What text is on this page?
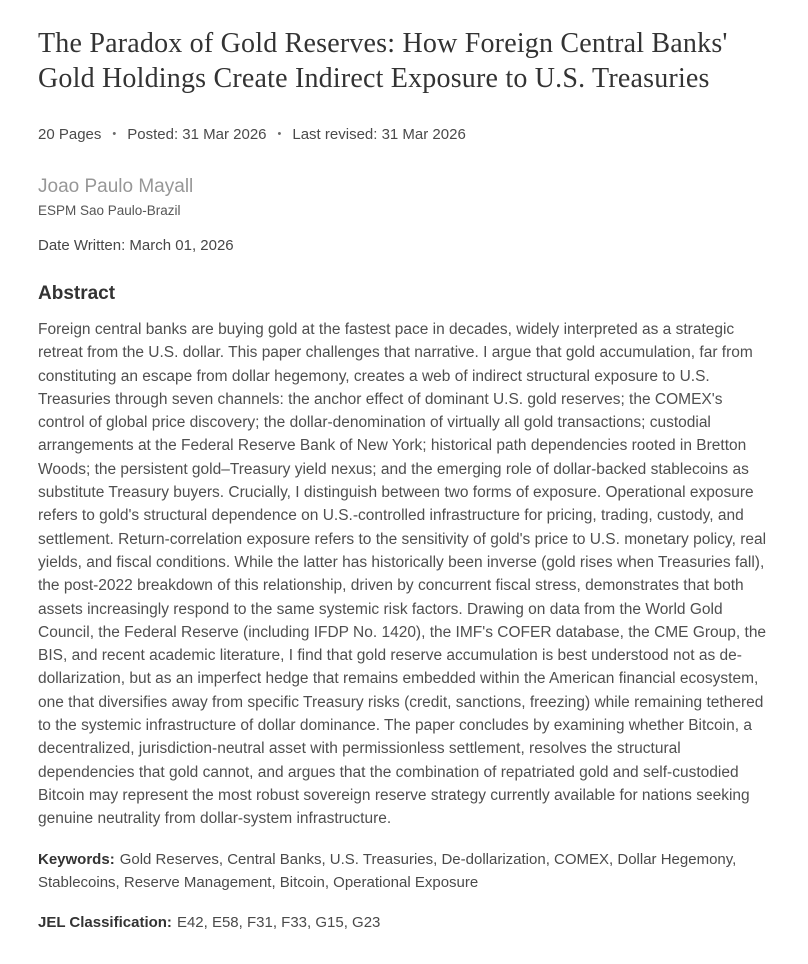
The Paradox of Gold Reserves: How Foreign Central Banks' Gold Holdings Create Indirect Exposure to U.S. Treasuries
20 Pages	• Posted: 31 Mar 2026	• Last revised: 31 Mar 2026
Joao Paulo Mayall
ESPM Sao Paulo-Brazil

Date Written: March 01, 2026

Abstract

Foreign central banks are buying gold at the fastest pace in decades, widely interpreted as a strategic retreat from the U.S. dollar. This paper challenges that narrative. I argue that gold accumulation, far from constituting an escape from dollar hegemony, creates a web of indirect structural exposure to U.S. Treasuries through seven channels: the anchor effect of dominant U.S. gold reserves; the COMEX's control of global price discovery; the dollar-denomination of virtually all gold transactions; custodial arrangements at the Federal Reserve Bank of New York; historical path dependencies rooted in Bretton Woods; the persistent gold–Treasury yield nexus; and the emerging role of dollar-backed stablecoins as substitute Treasury buyers. Crucially, I distinguish between two forms of exposure. Operational exposure refers to gold's structural dependence on U.S.-controlled infrastructure for pricing, trading, custody, and settlement. Return-correlation exposure refers to the sensitivity of gold's price to U.S. monetary policy, real yields, and fiscal conditions. While the latter has historically been inverse (gold rises when Treasuries fall), the post-2022 breakdown of this relationship, driven by concurrent fiscal stress, demonstrates that both assets increasingly respond to the same systemic risk factors. Drawing on data from the World Gold Council, the Federal Reserve (including IFDP No. 1420), the IMF's COFER database, the CME Group, the BIS, and recent academic literature, I find that gold reserve accumulation is best understood not as de-dollarization, but as an imperfect hedge that remains embedded within the American financial ecosystem, one that diversifies away from specific Treasury risks (credit, sanctions, freezing) while remaining tethered to the systemic infrastructure of dollar dominance. The paper concludes by examining whether Bitcoin, a decentralized, jurisdiction-neutral asset with permissionless settlement, resolves the structural dependencies that gold cannot, and argues that the combination of repatriated gold and self-custodied Bitcoin may represent the most robust sovereign reserve strategy currently available for nations seeking genuine neutrality from dollar-system infrastructure.

Keywords: Gold Reserves, Central Banks, U.S. Treasuries, De-dollarization, COMEX, Dollar Hegemony, Stablecoins, Reserve Management, Bitcoin, Operational Exposure

JEL Classification: E42, E58, F31, F33, G15, G23
